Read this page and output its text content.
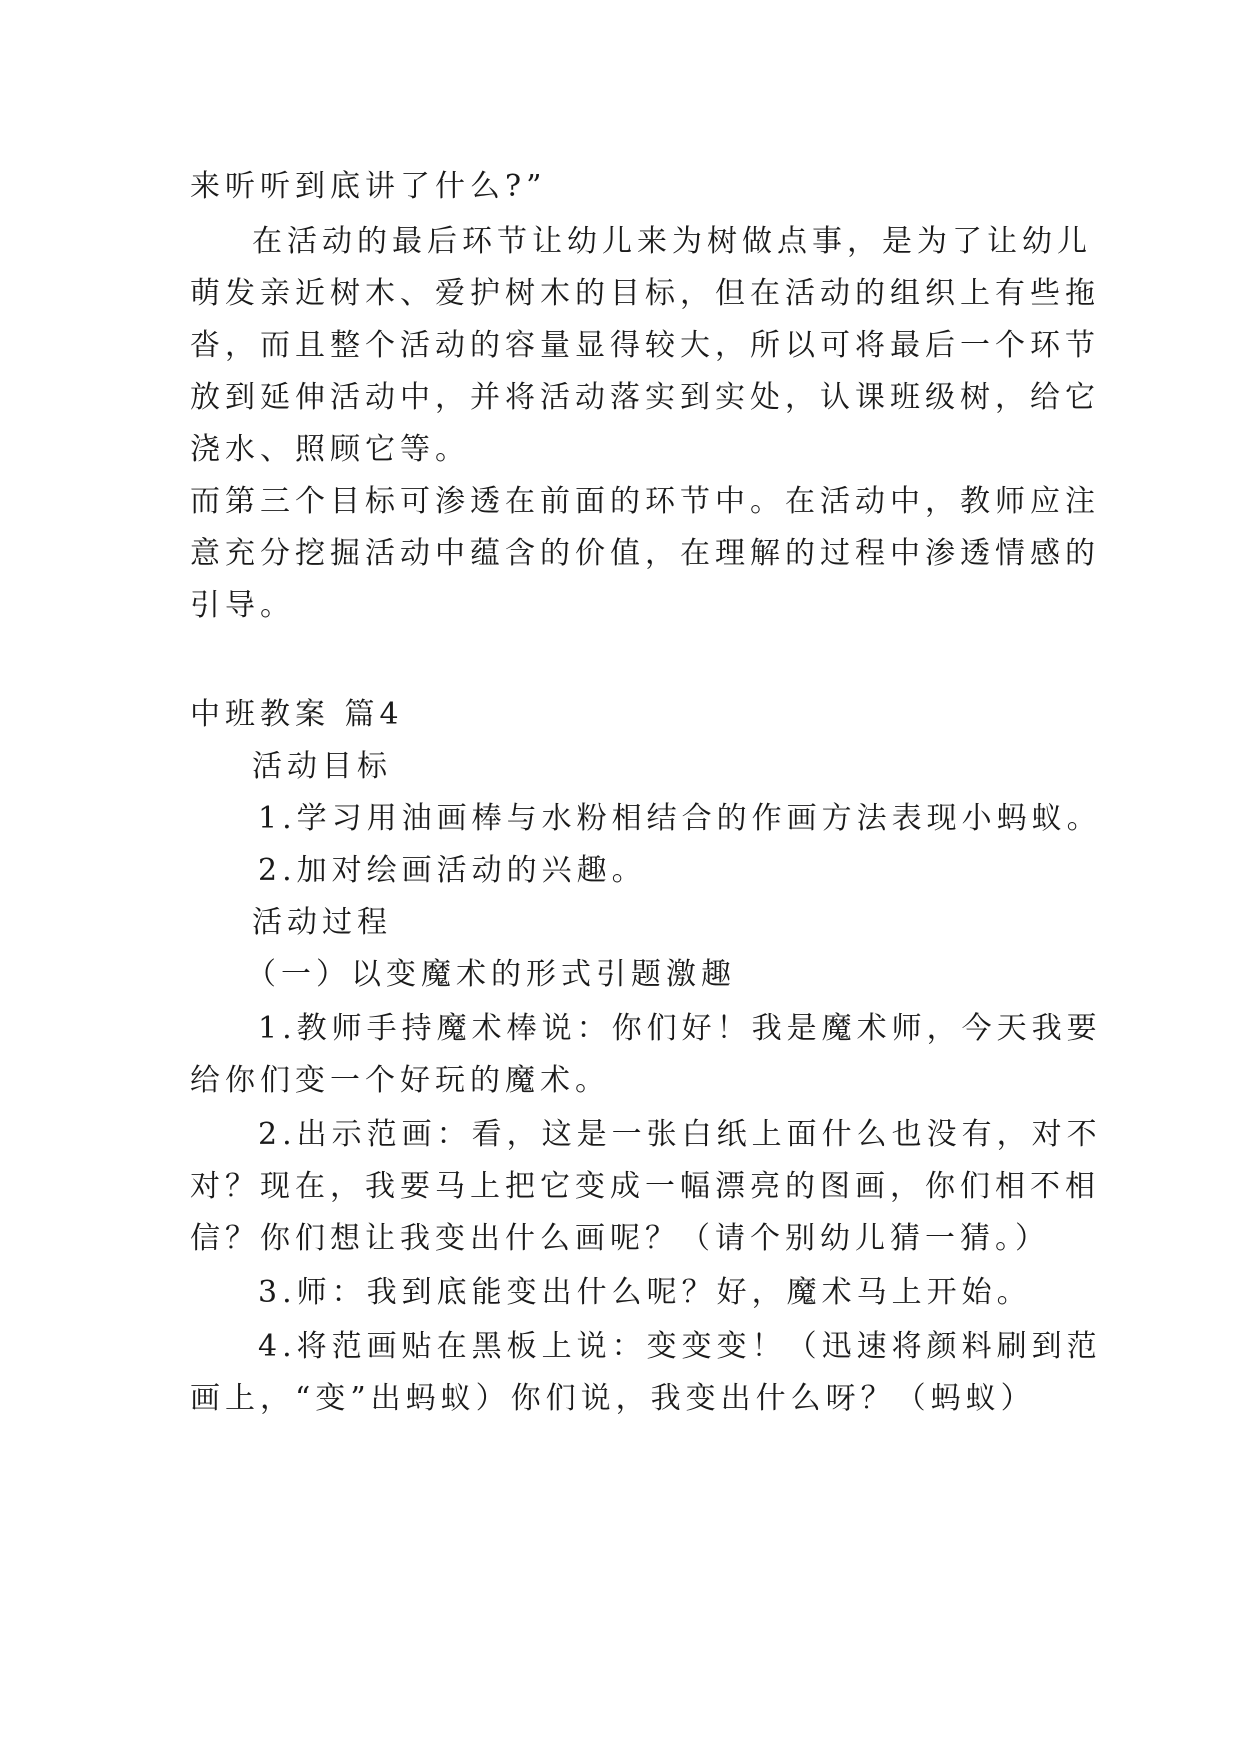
来听听到底讲了什么?”
在活动的最后环节让幼儿来为树做点事，是为了让幼儿
萌发亲近树木、爱护树木的目标，但在活动的组织上有些拖
沓，而且整个活动的容量显得较大，所以可将最后一个环节
放到延伸活动中，并将活动落实到实处，认课班级树，给它
浇水、照顾它等。
而第三个目标可渗透在前面的环节中。在活动中，教师应注
意充分挖掘活动中蕴含的价值，在理解的过程中渗透情感的
引导。
中班教案 篇4
活动目标
1.学习用油画棒与水粉相结合的作画方法表现小蚂蚁。
2.加对绘画活动的兴趣。
活动过程
（一）以变魔术的形式引题激趣
1.教师手持魔术棒说：你们好！我是魔术师，今天我要
给你们变一个好玩的魔术。
2.出示范画：看，这是一张白纸上面什么也没有，对不
对？现在，我要马上把它变成一幅漂亮的图画，你们相不相
信？你们想让我变出什么画呢？（请个别幼儿猜一猜。）
3.师：我到底能变出什么呢？好，魔术马上开始。
4.将范画贴在黑板上说：变变变！（迅速将颜料刷到范
画上，“变”出蚂蚁）你们说，我变出什么呀？（蚂蚁）
